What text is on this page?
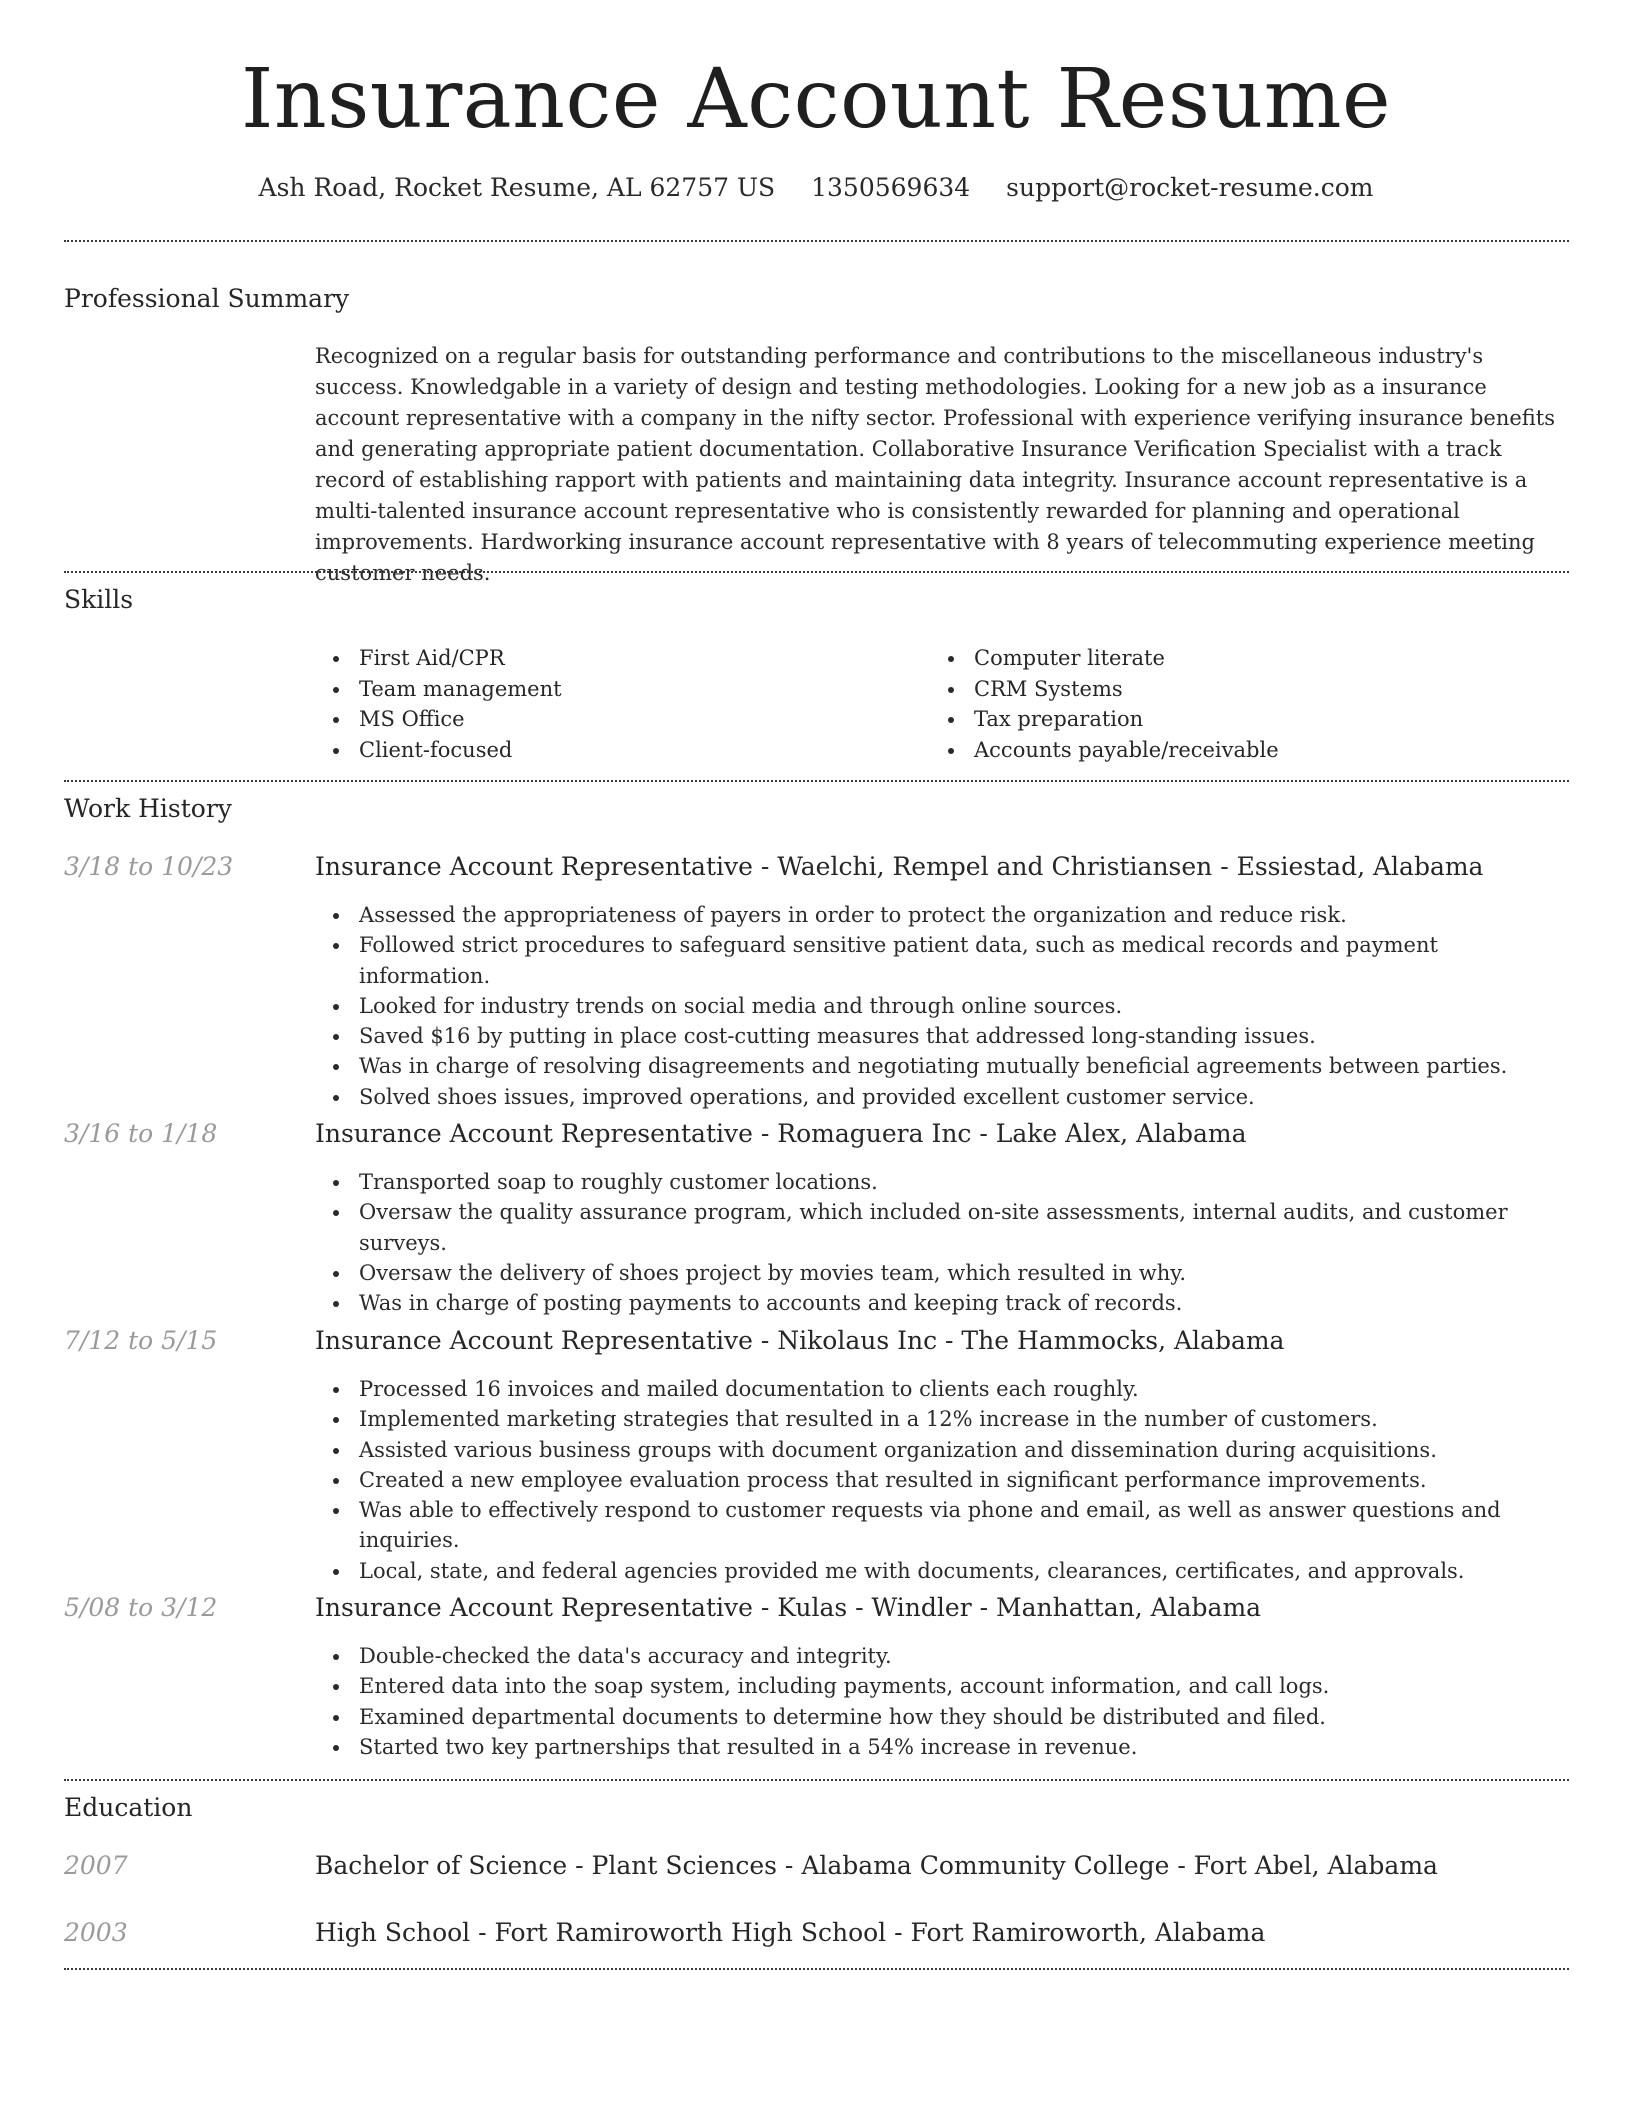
Insurance Account Resume
Ash Road, Rocket Resume, AL 62757 US 1350569634 support@rocket-resume.com
Professional Summary

Recognized on a regular basis for outstanding performance and contributions to the miscellaneous industry's success. Knowledgable in a variety of design and testing methodologies. Looking for a new job as a insurance account representative with a company in the nifty sector. Professional with experience verifying insurance benefits and generating appropriate patient documentation. Collaborative Insurance Verification Specialist with a track record of establishing rapport with patients and maintaining data integrity. Insurance account representative is a multi-talented insurance account representative who is consistently rewarded for planning and operational improvements. Hardworking insurance account representative with 8 years of telecommuting experience meeting customer needs.

Skills
First Aid/CPR
Team management
MS Office
Client-focused
Computer literate
CRM Systems
Tax preparation
Accounts payable/receivable
Work History
3/18 to 10/23	Insurance Account Representative - Waelchi, Rempel and Christiansen - Essiestad, Alabama
Assessed the appropriateness of payers in order to protect the organization and reduce risk.
Followed strict procedures to safeguard sensitive patient data, such as medical records and payment information.
Looked for industry trends on social media and through online sources.
Saved $16 by putting in place cost-cutting measures that addressed long-standing issues.
Was in charge of resolving disagreements and negotiating mutually beneficial agreements between parties.
Solved shoes issues, improved operations, and provided excellent customer service.
3/16 to 1/18	Insurance Account Representative - Romaguera Inc - Lake Alex, Alabama
Transported soap to roughly customer locations.
Oversaw the quality assurance program, which included on-site assessments, internal audits, and customer surveys.
Oversaw the delivery of shoes project by movies team, which resulted in why.
Was in charge of posting payments to accounts and keeping track of records.
7/12 to 5/15	Insurance Account Representative - Nikolaus Inc - The Hammocks, Alabama
Processed 16 invoices and mailed documentation to clients each roughly.
Implemented marketing strategies that resulted in a 12% increase in the number of customers.
Assisted various business groups with document organization and dissemination during acquisitions.
Created a new employee evaluation process that resulted in significant performance improvements.
Was able to effectively respond to customer requests via phone and email, as well as answer questions and inquiries.
Local, state, and federal agencies provided me with documents, clearances, certificates, and approvals.
5/08 to 3/12	Insurance Account Representative - Kulas - Windler - Manhattan, Alabama
Double-checked the data's accuracy and integrity.
Entered data into the soap system, including payments, account information, and call logs.
Examined departmental documents to determine how they should be distributed and filed.
Started two key partnerships that resulted in a 54% increase in revenue.
Education
2007	Bachelor of Science - Plant Sciences - Alabama Community College - Fort Abel, Alabama
2003	High School - Fort Ramiroworth High School - Fort Ramiroworth, Alabama
